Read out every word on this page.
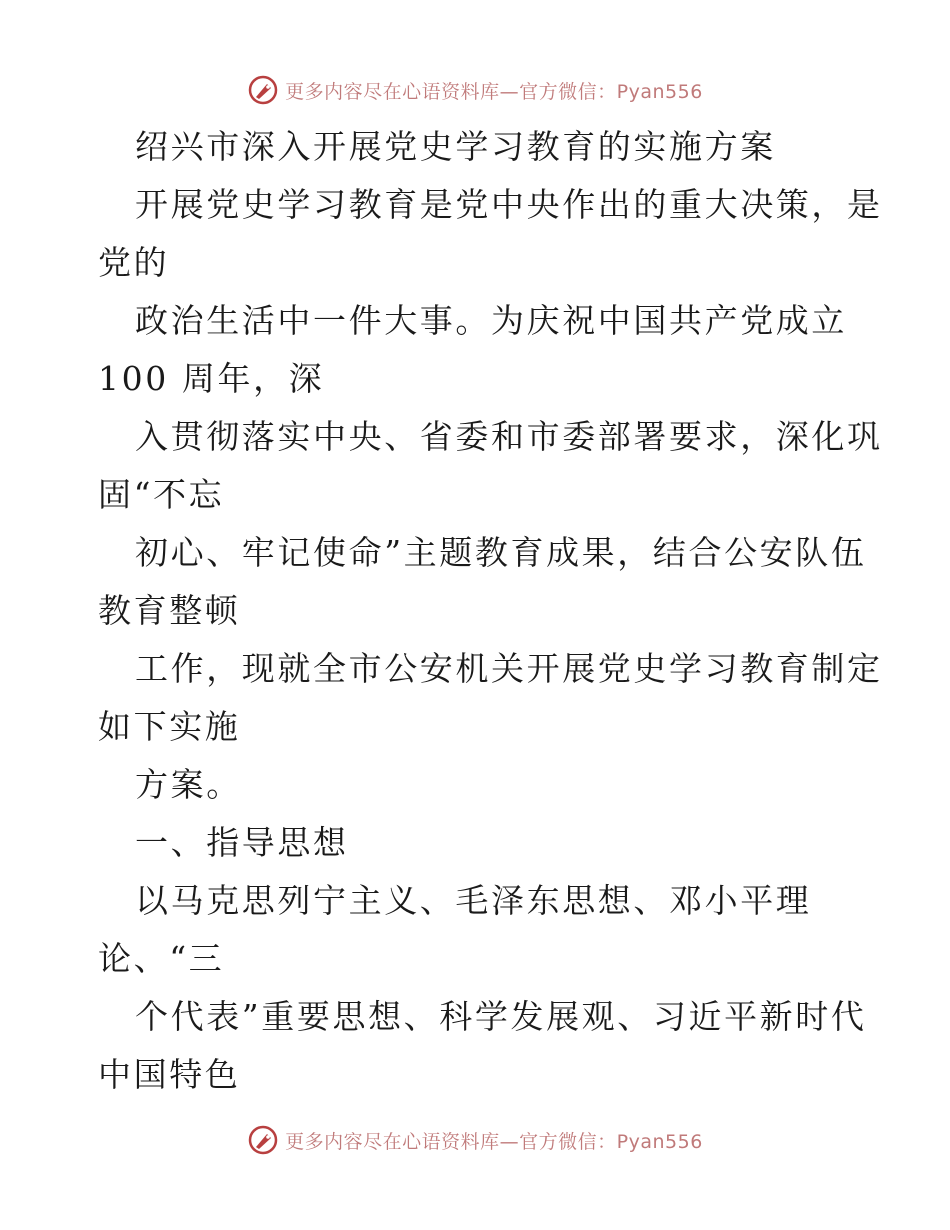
更多内容尽在心语资料库—官方微信：Pyan556
绍兴市深入开展党史学习教育的实施方案
开展党史学习教育是党中央作出的重大决策，是
党的
政治生活中一件大事。为庆祝中国共产党成立
100 周年，深
入贯彻落实中央、省委和市委部署要求，深化巩
固“不忘
初心、牢记使命”主题教育成果，结合公安队伍
教育整顿
工作，现就全市公安机关开展党史学习教育制定
如下实施
方案。
一、指导思想
以马克思列宁主义、毛泽东思想、邓小平理
论、“三
个代表”重要思想、科学发展观、习近平新时代
中国特色
更多内容尽在心语资料库—官方微信：Pyan556
